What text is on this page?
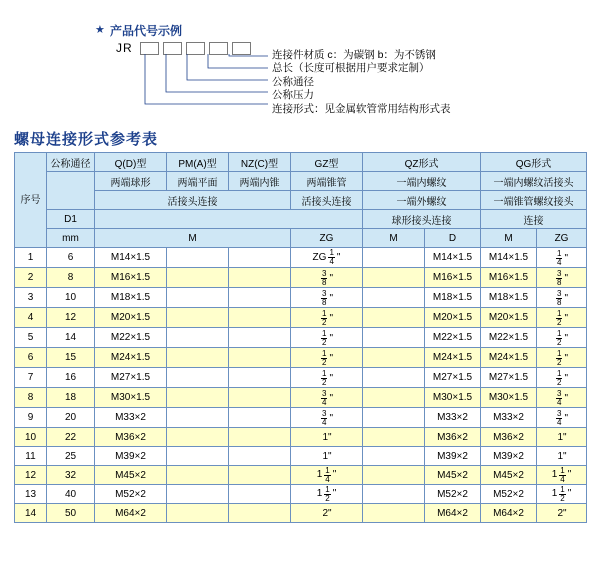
★ 产品代号示例
JR	连接件材质 c：为碳钢 b：为不锈钢
总长（长度可根据用户要求定制）
公称通径
公称压力
连接形式：见金属软管常用结构形式表
螺母连接形式参考表
序号	公称通径	Q(D)型	PM(A)型	NZ(C)型	GZ型	QZ形式		QG形式	
		两端球形	两端平面	两端内锥	两端锥管	一端内螺纹		一端内螺纹活接头	
		活接头连接			活接头连接	一端外螺纹		一端锥管螺纹接头	
	D1					球形接头连接		连接	
	mm	M			ZG	M	D	M	ZG
1	6	M14×1.5			ZG $\frac{1}{4}$ "		M14×1.5	M14×1.5	$\frac{1}{4}$ "

2	8	M16×1.5			$\frac{3}{8}$ "		M16×1.5	M16×1.5	$\frac{3}{8}$ "

3	10	M18×1.5			$\frac{3}{8}$ "		M18×1.5	M18×1.5	$\frac{3}{8}$ "

4	12	M20×1.5			$\frac{1}{2}$ "		M20×1.5	M20×1.5	$\frac{1}{2}$ "

5	14	M22×1.5			$\frac{1}{2}$ "		M22×1.5	M22×1.5	$\frac{1}{2}$ "

6	15	M24×1.5			$\frac{1}{2}$ "		M24×1.5	M24×1.5	$\frac{1}{2}$ "

7	16	M27×1.5			$\frac{1}{2}$ "		M27×1.5	M27×1.5	$\frac{1}{2}$ "

8	18	M30×1.5			$\frac{3}{4}$ "		M30×1.5	M30×1.5	$\frac{3}{4}$ "

9	20	M33×2			$\frac{3}{4}$ "		M33×2	M33×2	$\frac{3}{4}$ "

10	22	M36×2			1"		M36×2	M36×2	1"

11	25	M39×2			1"		M39×2	M39×2	1"

12	32	M45×2			$1 \frac{1}{4}$ "		M45×2	M45×2	$1 \frac{1}{4}$ "

13	40	M52×2			$1 \frac{1}{2}$ "		M52×2	M52×2	$1 \frac{1}{2}$ "

14	50	M64×2			2"		M64×2	M64×2	2"
